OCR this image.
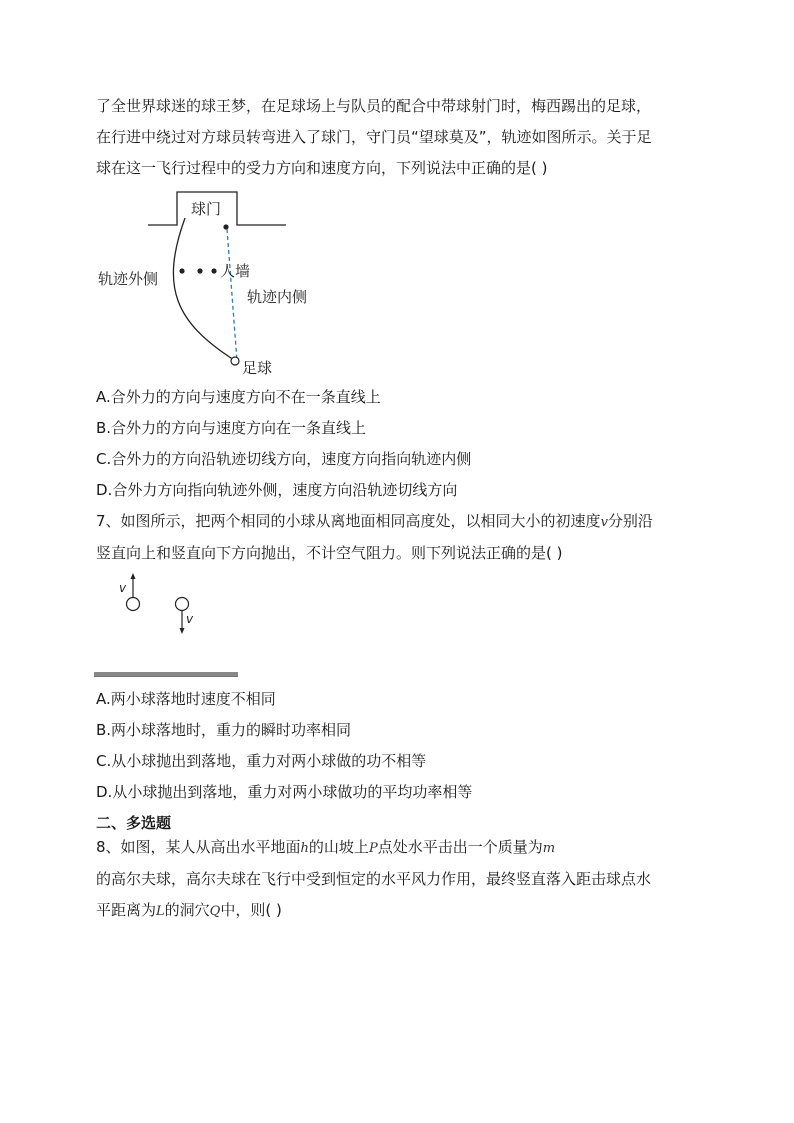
了全世界球迷的球王梦，在足球场上与队员的配合中带球射门时，梅西踢出的足球，
在行进中绕过对方球员转弯进入了球门，守门员“望球莫及”，轨迹如图所示。关于足
球在这一飞行过程中的受力方向和速度方向，下列说法中正确的是( )
球门
人墙
轨迹外侧
轨迹内侧
足球
A.合外力的方向与速度方向不在一条直线上
B.合外力的方向与速度方向在一条直线上
C.合外力的方向沿轨迹切线方向，速度方向指向轨迹内侧
D.合外力方向指向轨迹外侧，速度方向沿轨迹切线方向
7、如图所示，把两个相同的小球从离地面相同高度处，以相同大小的初速度v分别沿
竖直向上和竖直向下方向抛出，不计空气阻力。则下列说法正确的是( )
v
v
A.两小球落地时速度不相同
B.两小球落地时，重力的瞬时功率相同
C.从小球抛出到落地，重力对两小球做的功不相等
D.从小球抛出到落地，重力对两小球做功的平均功率相等
二、多选题
8、如图，某人从高出水平地面h的山坡上P点处水平击出一个质量为m
的高尔夫球，高尔夫球在飞行中受到恒定的水平风力作用，最终竖直落入距击球点水
平距离为L的洞穴Q中，则( )
